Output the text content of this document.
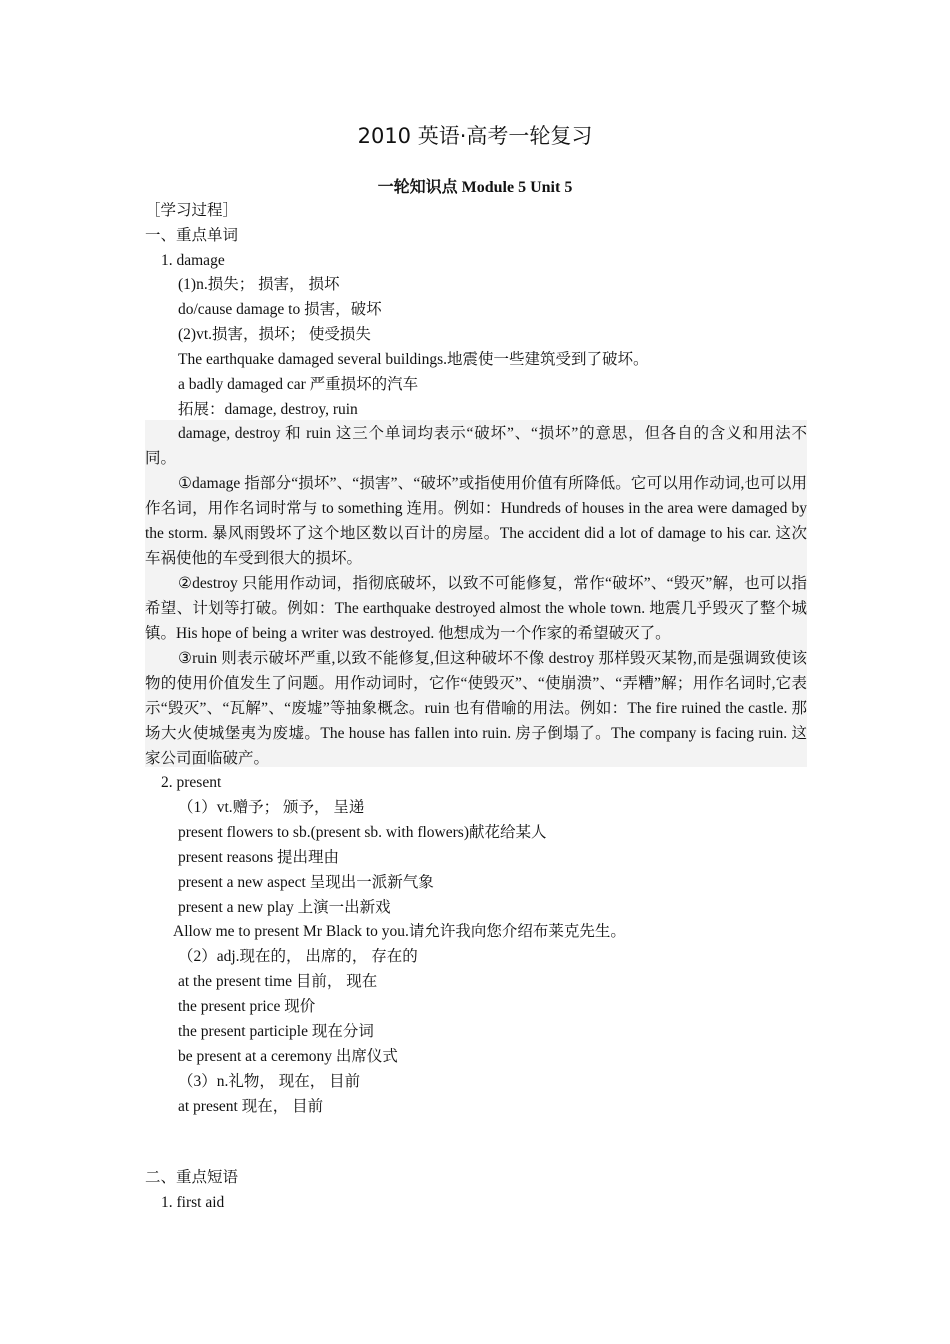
2010 英语·高考一轮复习
一轮知识点 Module 5 Unit 5
［学习过程］
一、重点单词
1. damage
(1)n.损失； 损害， 损坏
do/cause damage to 损害，破坏
(2)vt.损害，损坏； 使受损失
The earthquake damaged several buildings.地震使一些建筑受到了破坏。
a badly damaged car 严重损坏的汽车
拓展：damage, destroy, ruin
damage, destroy 和 ruin 这三个单词均表示“破坏”、“损坏”的意思，但各自的含义和用法不同。
①damage 指部分“损坏”、“损害”、“破坏”或指使用价值有所降低。它可以用作动词,也可以用作名词，用作名词时常与 to something 连用。例如：Hundreds of houses in the area were damaged by the storm. 暴风雨毁坏了这个地区数以百计的房屋。The accident did a lot of damage to his car. 这次车祸使他的车受到很大的损坏。
②destroy 只能用作动词，指彻底破坏，以致不可能修复，常作“破坏”、“毁灭”解，也可以指希望、计划等打破。例如：The earthquake destroyed almost the whole town. 地震几乎毁灭了整个城镇。His hope of being a writer was destroyed. 他想成为一个作家的希望破灭了。
③ruin 则表示破坏严重,以致不能修复,但这种破坏不像 destroy 那样毁灭某物,而是强调致使该物的使用价值发生了问题。用作动词时，它作“使毁灭”、“使崩溃”、“弄糟”解；用作名词时,它表示“毁灭”、“瓦解”、“废墟”等抽象概念。ruin 也有借喻的用法。例如：The fire ruined the castle. 那场大火使城堡夷为废墟。The house has fallen into ruin. 房子倒塌了。The company is facing ruin. 这家公司面临破产。
2. present
（1）vt.赠予； 颁予， 呈递
present flowers to sb.(present sb. with flowers)献花给某人
present reasons 提出理由
present a new aspect 呈现出一派新气象
present a new play 上演一出新戏
Allow me to present Mr Black to you.请允许我向您介绍布莱克先生。
（2）adj.现在的， 出席的， 存在的
at the present time 目前， 现在
the present price 现价
the present participle 现在分词
be present at a ceremony 出席仪式
（3）n.礼物， 现在， 目前
at present 现在， 目前
二、重点短语
1. first aid
